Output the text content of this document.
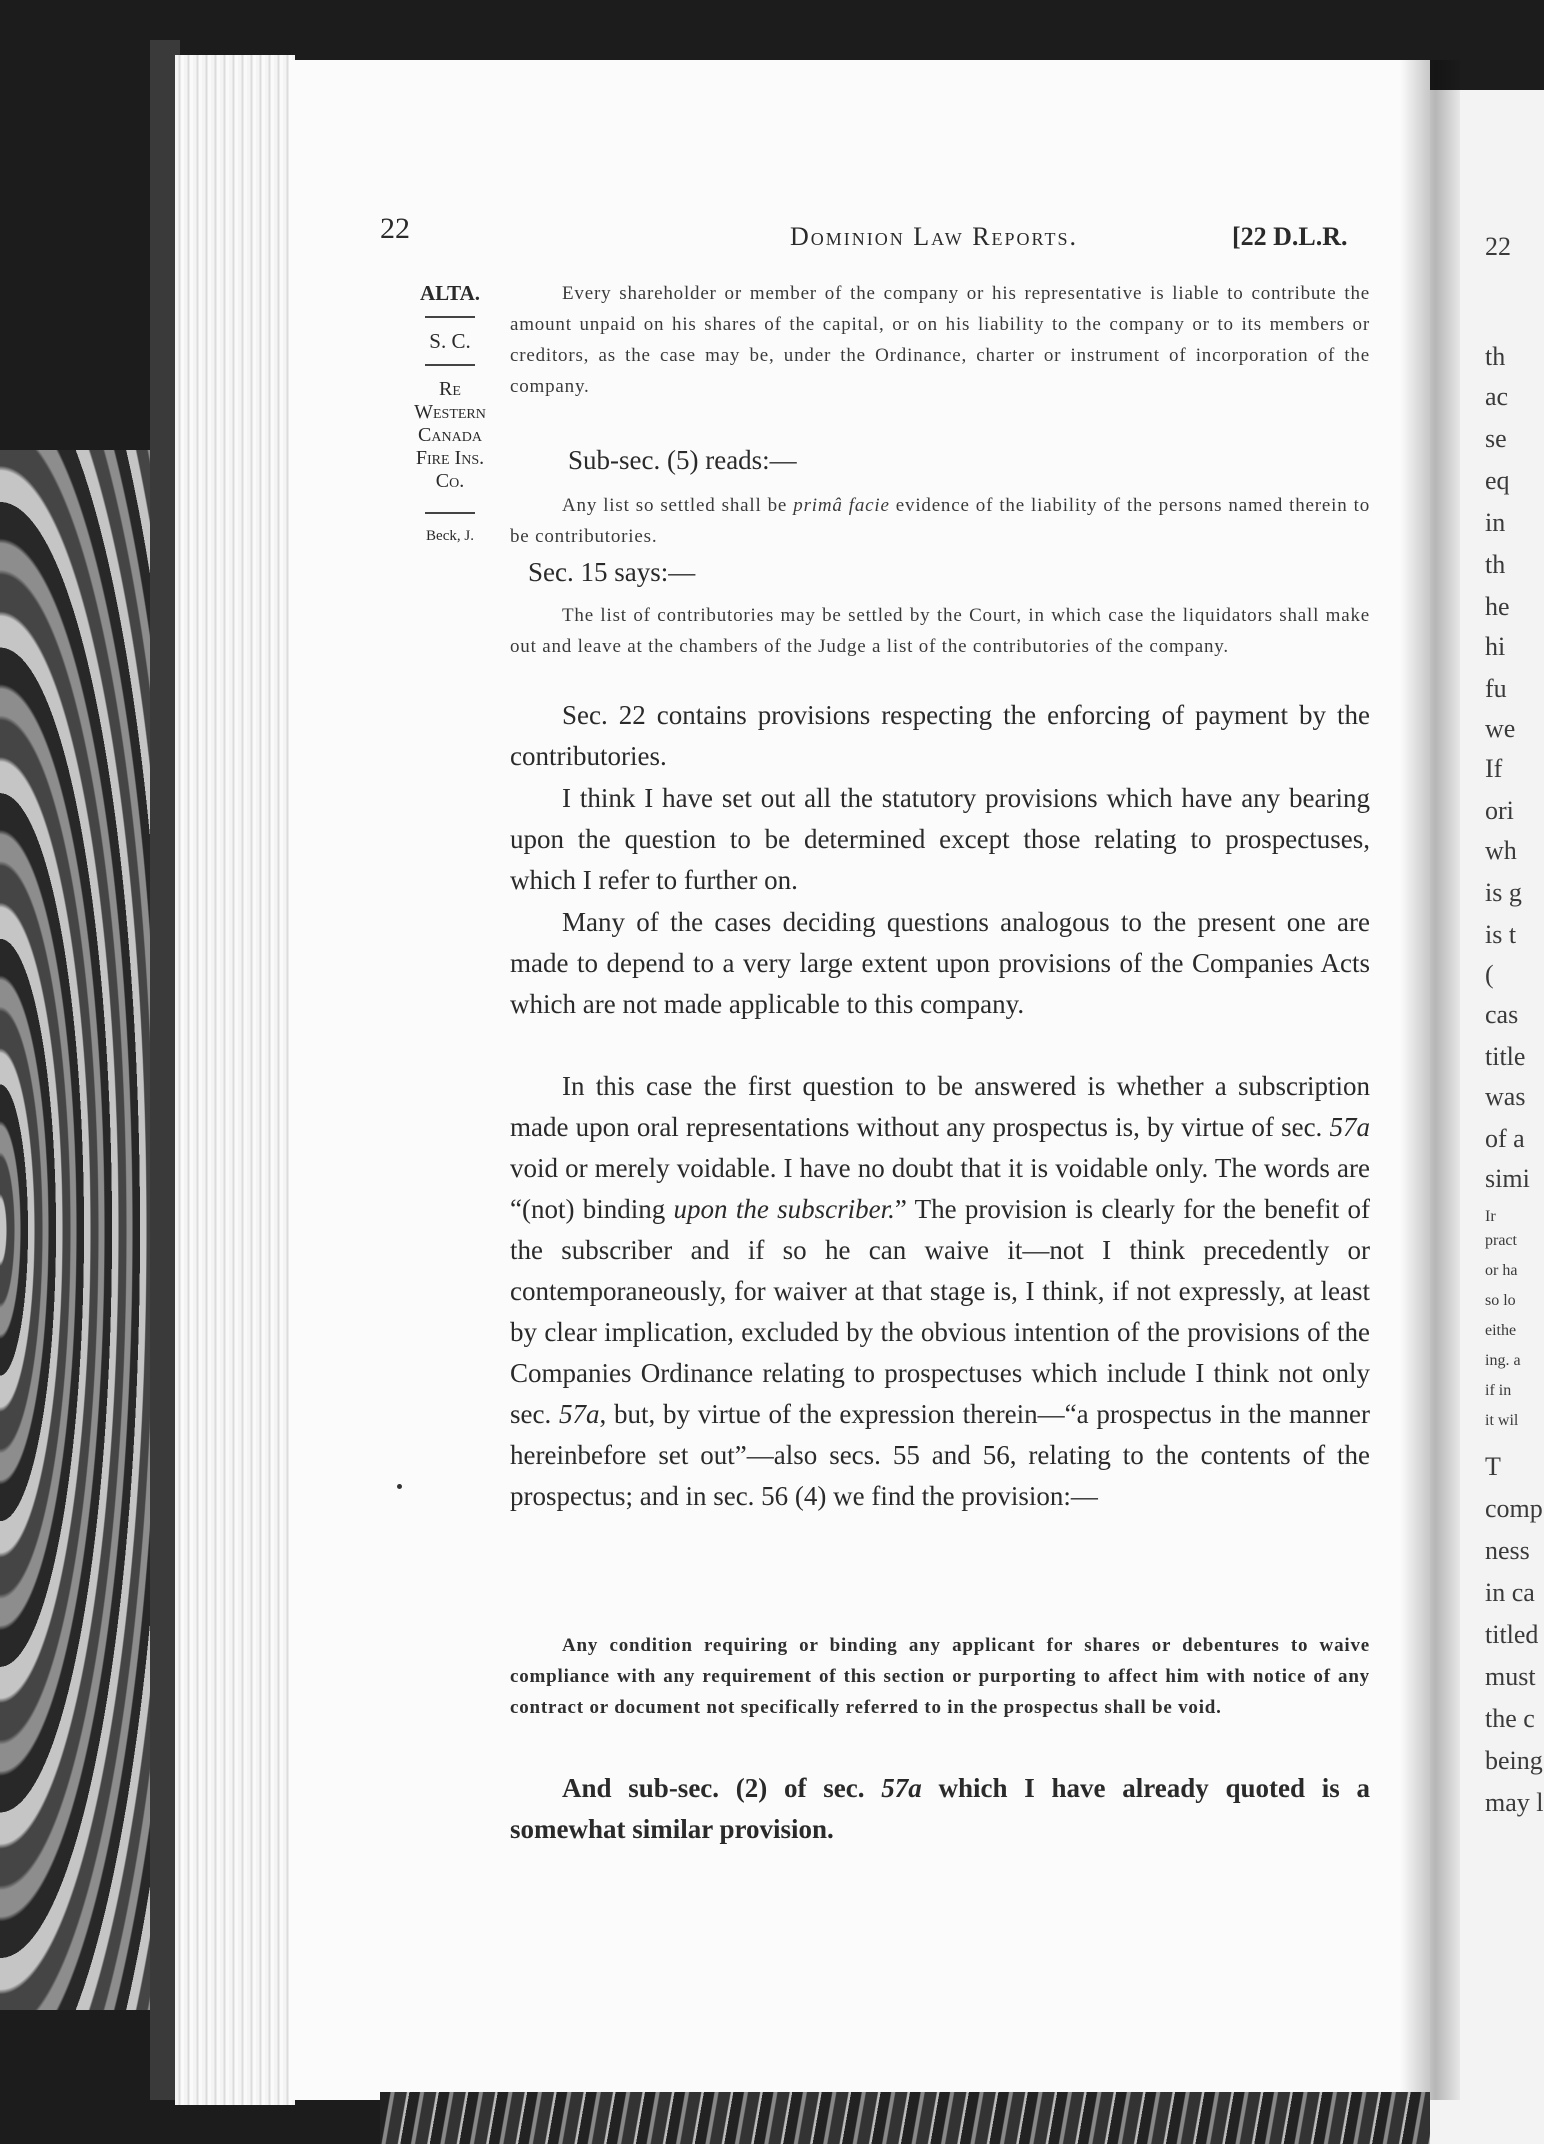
22	Dominion Law Reports.	[22 D.L.R.
ALTA.
S. C.
Re
Western
Canada
Fire Ins.
Co.
Beck, J.
Every shareholder or member of the company or his representative is liable to contribute the amount unpaid on his shares of the capital, or on his liability to the company or to its members or creditors, as the case may be, under the Ordinance, charter or instrument of incorporation of the company.
Sub-sec. (5) reads:—
Any list so settled shall be primâ facie evidence of the liability of the persons named therein to be contributories.
Sec. 15 says:—
The list of contributories may be settled by the Court, in which case the liquidators shall make out and leave at the chambers of the Judge a list of the contributories of the company.
Sec. 22 contains provisions respecting the enforcing of payment by the contributories.
I think I have set out all the statutory provisions which have any bearing upon the question to be determined except those relating to prospectuses, which I refer to further on.
Many of the cases deciding questions analogous to the present one are made to depend to a very large extent upon provisions of the Companies Acts which are not made applicable to this company.
In this case the first question to be answered is whether a subscription made upon oral representations without any prospectus is, by virtue of sec. 57a void or merely voidable. I have no doubt that it is voidable only. The words are “(not) binding upon the subscriber.” The provision is clearly for the benefit of the subscriber and if so he can waive it—not I think precedently or contemporaneously, for waiver at that stage is, I think, if not expressly, at least by clear implication, excluded by the obvious intention of the provisions of the Companies Ordinance relating to prospectuses which include I think not only sec. 57a, but, by virtue of the expression therein—“a prospectus in the manner hereinbefore set out”—also secs. 55 and 56, relating to the contents of the prospectus; and in sec. 56 (4) we find the provision:—
Any condition requiring or binding any applicant for shares or debentures to waive compliance with any requirement of this section or purporting to affect him with notice of any contract or document not specifically referred to in the prospectus shall be void.
And sub-sec. (2) of sec. 57a which I have already quoted is a somewhat similar provision.
22
th
ac
se
eq
in
th
he
hi
fu
we
If
ori
wh
is g
is t
(
cas
title
was
of a
simi
Ir
pract
or ha
so lo
eithe
ing. a
if in
it wil
T
comp
ness
in ca
titled
must
the c
being
may l
